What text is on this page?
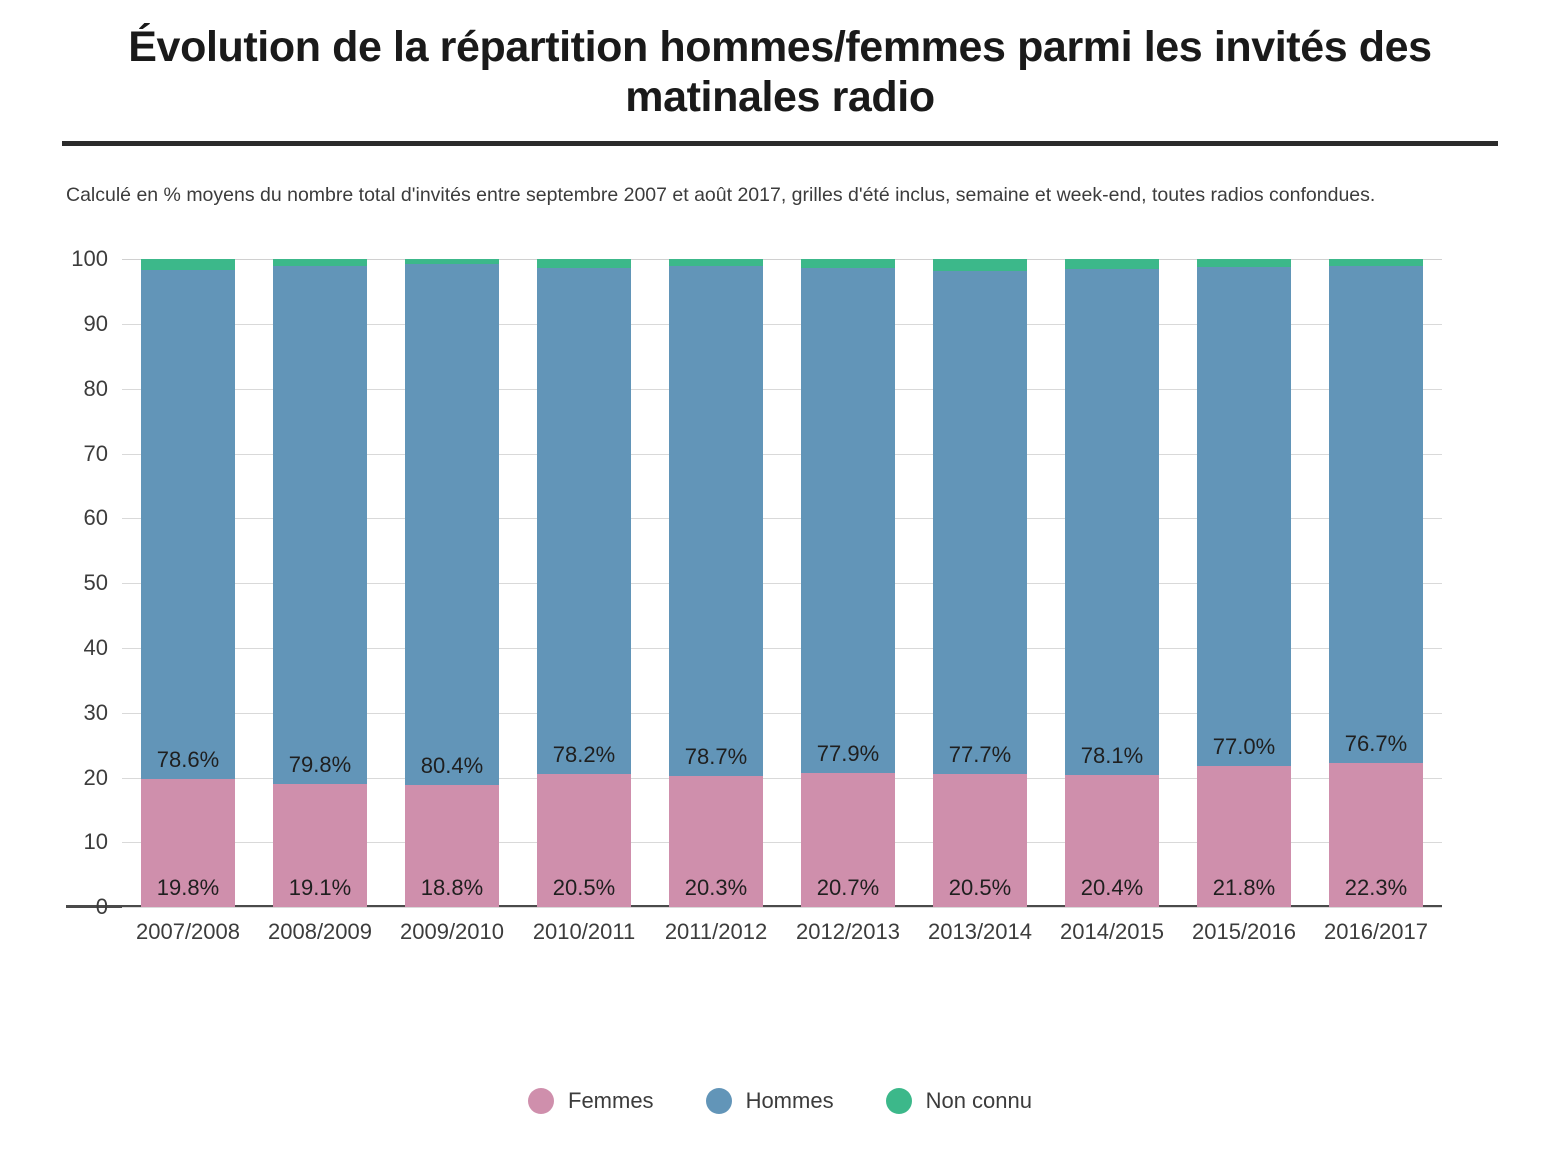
Évolution de la répartition hommes/femmes parmi les invités des matinales radio

Calculé en % moyens du nombre total d'invités entre septembre 2007 et août 2017, grilles d'été inclus, semaine et week-end, toutes radios confondues.

0
10
20
30
40
50
60
70
80
90
100
19.8%
78.6%
19.1%
79.8%
18.8%
80.4%
20.5%
78.2%
20.3%
78.7%
20.7%
77.9%
20.5%
77.7%
20.4%
78.1%
21.8%
77.0%
22.3%
76.7%
2007/2008	2008/2009	2009/2010	2010/2011	2011/2012	2012/2013	2013/2014	2014/2015	2015/2016	2016/2017
Femmes	Hommes	Non connu
